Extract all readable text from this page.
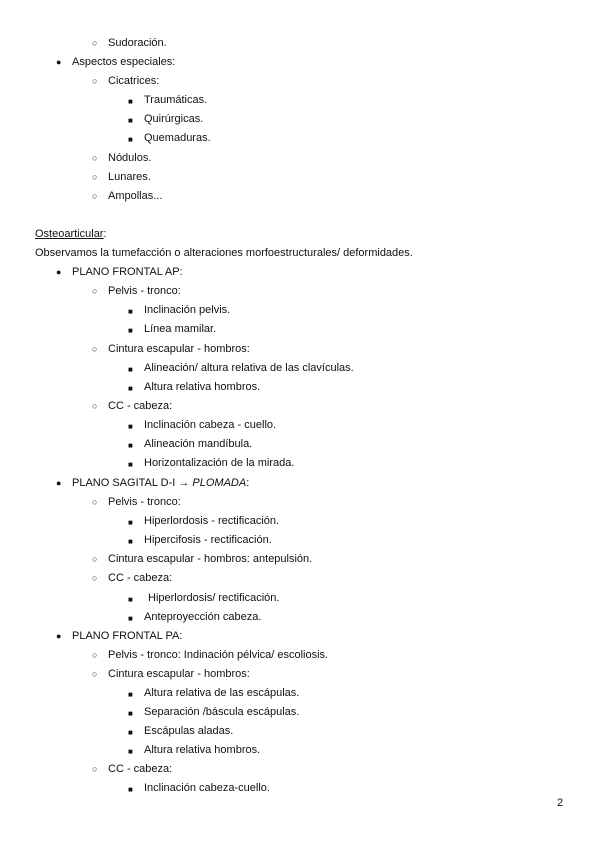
○ Sudoración.
● Aspectos especiales:
○ Cicatrices:
■ Traumáticas.
■ Quirúrgicas.
■ Quemaduras.
○ Nódulos.
○ Lunares.
○ Ampollas...
Osteoarticular:
Observamos la tumefacción o alteraciones morfoestructurales/ deformidades.
● PLANO FRONTAL AP:
○ Pelvis - tronco:
■ Inclinación pelvis.
■ Línea mamilar.
○ Cintura escapular - hombros:
■ Alineación/ altura relativa de las clavículas.
■ Altura relativa hombros.
○ CC - cabeza:
■ Inclinación cabeza - cuello.
■ Alineación mandíbula.
■ Horizontalización de la mirada.
● PLANO SAGITAL D-I → PLOMADA:
○ Pelvis - tronco:
■ Hiperlordosis - rectificación.
■ Hipercifosis - rectificación.
○ Cintura escapular - hombros: antepulsión.
○ CC - cabeza:
■ Hiperlordosis/ rectificación.
■ Anteproyección cabeza.
● PLANO FRONTAL PA:
○ Pelvis - tronco: Indinación pélvica/ escoliosis.
○ Cintura escapular - hombros:
■ Altura relativa de las escápulas.
■ Separación /báscula escápulas.
■ Escápulas aladas.
■ Altura relativa hombros.
○ CC - cabeza:
■ Inclinación cabeza-cuello.
2
